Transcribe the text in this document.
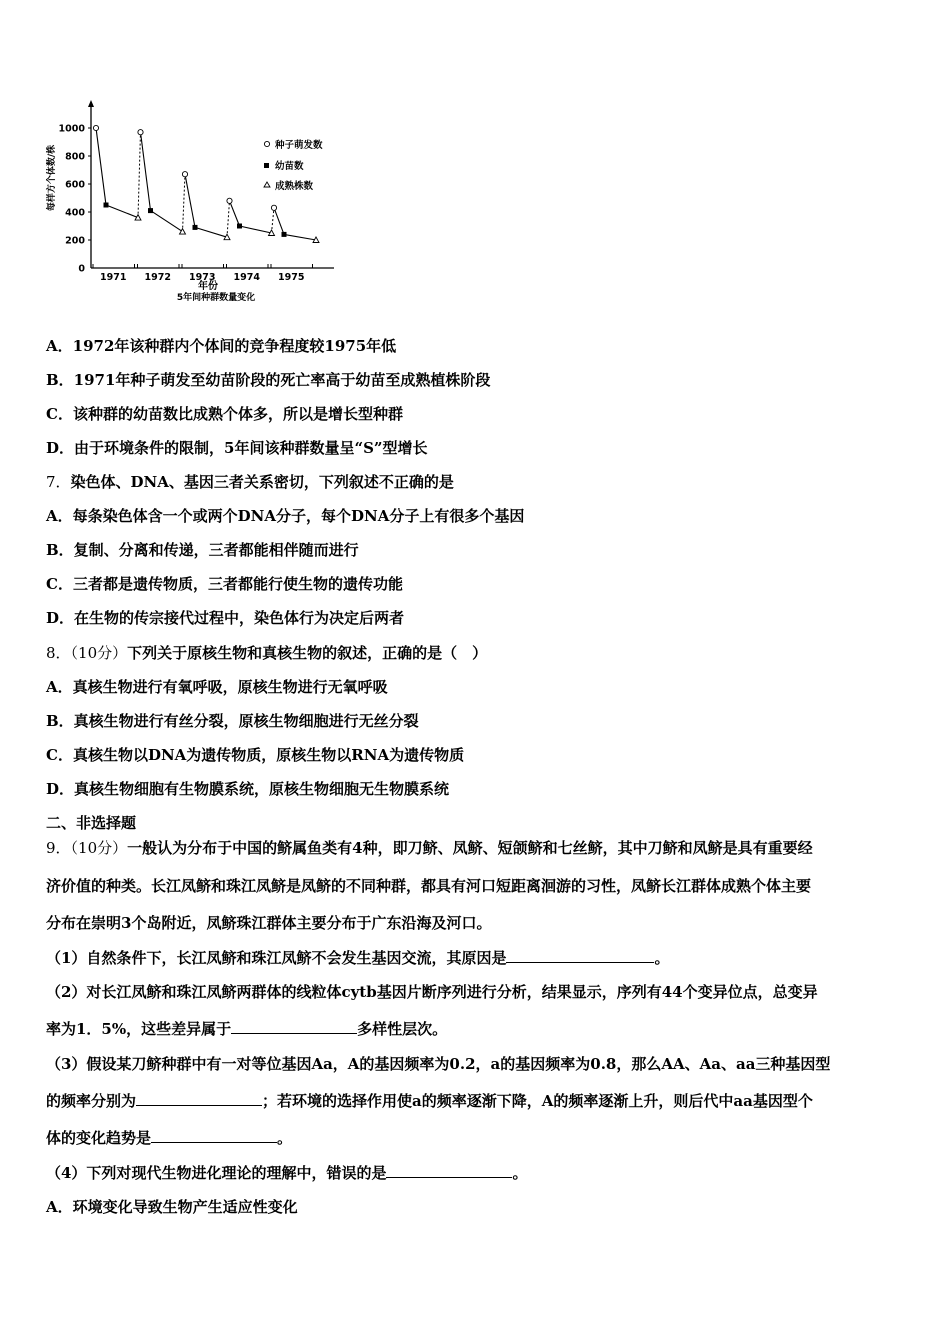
0
200
400
600
800
1000
1971 1972 1973 1974 1975
每样方个体数/株
年份
5年间种群数量变化
种子萌发数
幼苗数
成熟株数
A．1972年该种群内个体间的竞争程度较1975年低
B．1971年种子萌发至幼苗阶段的死亡率高于幼苗至成熟植株阶段
C．该种群的幼苗数比成熟个体多，所以是增长型种群
D．由于环境条件的限制，5年间该种群数量呈“S”型增长
7．染色体、DNA、基因三者关系密切，下列叙述不正确的是
A．每条染色体含一个或两个DNA分子，每个DNA分子上有很多个基因
B．复制、分离和传递，三者都能相伴随而进行
C．三者都是遗传物质，三者都能行使生物的遗传功能
D．在生物的传宗接代过程中，染色体行为决定后两者
8．（10分）下列关于原核生物和真核生物的叙述，正确的是（　）
A．真核生物进行有氧呼吸，原核生物进行无氧呼吸
B．真核生物进行有丝分裂，原核生物细胞进行无丝分裂
C．真核生物以DNA为遗传物质，原核生物以RNA为遗传物质
D．真核生物细胞有生物膜系统，原核生物细胞无生物膜系统
二、非选择题
9．（10分）一般认为分布于中国的鲚属鱼类有4种，即刀鲚、凤鲚、短颌鲚和七丝鲚，其中刀鲚和凤鲚是具有重要经
济价值的种类。长江凤鲚和珠江凤鲚是凤鲚的不同种群，都具有河口短距离洄游的习性，凤鲚长江群体成熟个体主要
分布在崇明3个岛附近，凤鲚珠江群体主要分布于广东沿海及河口。
（1）自然条件下，长江凤鲚和珠江凤鲚不会发生基因交流，其原因是	。
（2）对长江凤鲚和珠江凤鲚两群体的线粒体cytb基因片断序列进行分析，结果显示，序列有44个变异位点，总变异
率为1．5%，这些差异属于	多样性层次。
（3）假设某刀鲚种群中有一对等位基因Aa，A的基因频率为0.2，a的基因频率为0.8，那么AA、Aa、aa三种基因型
的频率分别为	；若环境的选择作用使a的频率逐渐下降，A的频率逐渐上升，则后代中aa基因型个
体的变化趋势是	。
（4）下列对现代生物进化理论的理解中，错误的是	。
A．环境变化导致生物产生适应性变化
